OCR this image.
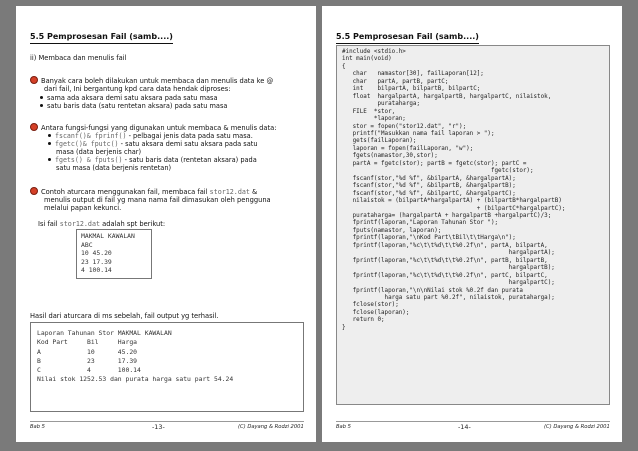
5.5 Pemprosesan Fail (samb....)
ii) Membaca dan menulis fail
Banyak cara boleh dilakukan untuk membaca dan menulis data ke @
dari fail, Ini bergantung kpd cara data hendak diproses:
sama ada aksara demi satu aksara pada satu masa
satu baris data (satu rentetan aksara) pada satu masa
Antara fungsi-fungsi yang digunakan untuk membaca & menulis data:
fscanf()& fprinf() - pelbagai jenis data pada satu masa.
fgetc()& fputc() - satu aksara demi satu aksara pada satu
masa (data berjenis char)
fgets() & fputs() - satu baris data (rentetan aksara) pada
satu masa (data berjenis rentetan)
Contoh aturcara menggunakan fail, membaca fail stor12.dat &
menulis output di fail yg mana nama fail dimasukan oleh pengguna
melalui papan kekunci.
Isi fail stor12.dat adalah spt berikut:
MAKMAL KAWALAN
ABC
10 45.20
23 17.39
4 100.14
Hasil dari aturcara di ms sebelah, fail output yg terhasil.
Laporan Tahunan Stor MAKMAL KAWALAN
Kod Part     Bil     Harga
A            10      45.20
B            23      17.39
C            4       100.14
Nilai stok 1252.53 dan purata harga satu part 54.24
Bab 5	-13-	(C) Dayang & Rodzi 2001
5.5 Pemprosesan Fail (samb....)
#include <stdio.h>
int main(void)
{
char   namastor[30], failLaporan[12];
char   partA, partB, partC;
int    bilpartA, bilpartB, bilpartC;
float  hargalpartA, hargalpartB, hargalpartC, nilaistok,
purataharga;
FILE  *stor,
*laporan;
stor = fopen("stor12.dat", "r");
printf("Masukkan nama fail laporan > ");
gets(failLaporan);
laporan = fopen(failLaporan, "w");
fgets(namastor,30,stor);
partA = fgetc(stor); partB = fgetc(stor); partC =
fgetc(stor);
fscanf(stor,"%d %f", &bilpartA, &hargalpartA);
fscanf(stor,"%d %f", &bilpartB, &hargalpartB);
fscanf(stor,"%d %f", &bilpartC, &hargalpartC);
nilaistok = (bilpartA*hargalpartA) + (bilpartB*hargalpartB)
+ (bilpartC*hargalpartC);
purataharga= (hargalpartA + hargalpartB +hargalpartC)/3;
fprintf(laporan,"Laporan Tahunan Stor ");
fputs(namastor, laporan);
fprintf(laporan,"\nKod Part\tBil\t\tHarga\n");
fprintf(laporan,"%c\t\t%d\t\t%0.2f\n", partA, bilpartA,
hargalpartA);
fprintf(laporan,"%c\t\t%d\t\t%0.2f\n", partB, bilpartB,
hargalpartB);
fprintf(laporan,"%c\t\t%d\t\t%0.2f\n", partC, bilpartC,
hargalpartC);
fprintf(laporan,"\n\nNilai stok %0.2f dan purata
harga satu part %0.2f", nilaistok, purataharga);
fclose(stor);
fclose(laporan);
return 0;
}
Bab 5	-14-	(C) Dayang & Rodzi 2001
